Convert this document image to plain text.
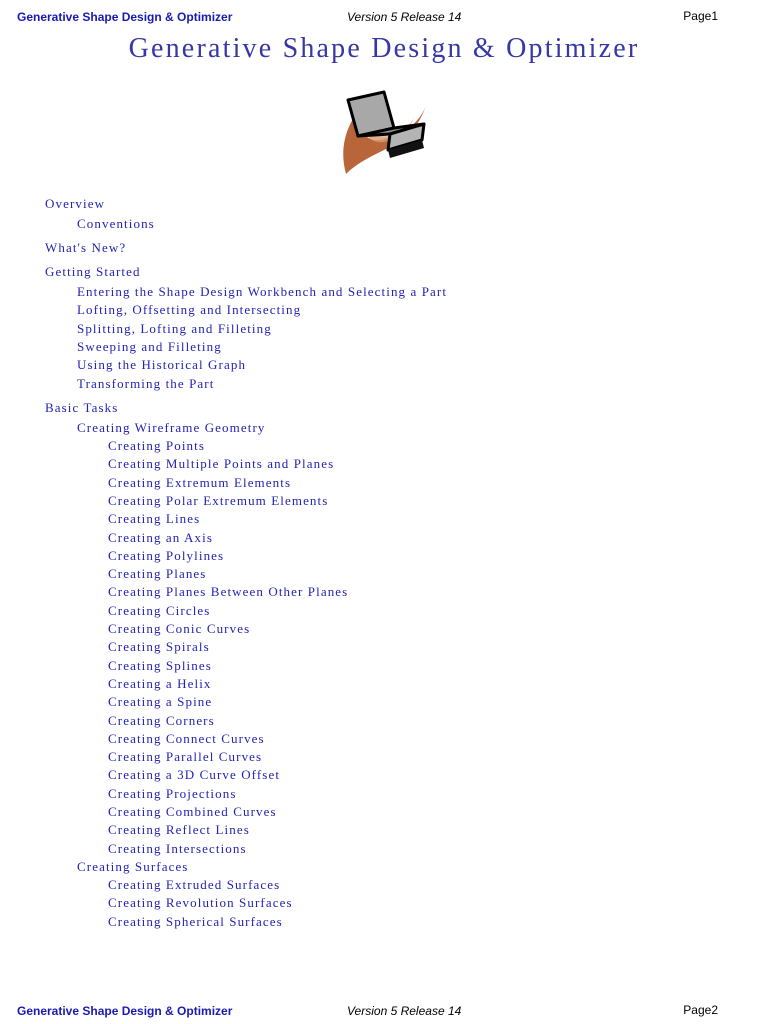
Generative Shape Design & Optimizer	Version 5 Release 14	Page1
Generative Shape Design & Optimizer
Overview
Conventions
What's New?
Getting Started
Basic Tasks
Creating Wireframe Geometry
Creating Surfaces
Entering the Shape Design Workbench and Selecting a Part
Lofting, Offsetting and Intersecting
Splitting, Lofting and Filleting
Sweeping and Filleting
Using the Historical Graph
Transforming the Part
Creating Points
Creating Multiple Points and Planes
Creating Extremum Elements
Creating Polar Extremum Elements
Creating Lines
Creating an Axis
Creating Polylines
Creating Planes
Creating Planes Between Other Planes
Creating Circles
Creating Conic Curves
Creating Spirals
Creating Splines
Creating a Helix
Creating a Spine
Creating Corners
Creating Connect Curves
Creating Parallel Curves
Creating a 3D Curve Offset
Creating Projections
Creating Combined Curves
Creating Reflect Lines
Creating Intersections
Creating Extruded Surfaces
Creating Revolution Surfaces
Creating Spherical Surfaces
Generative Shape Design & Optimizer	Version 5 Release 14	Page2
